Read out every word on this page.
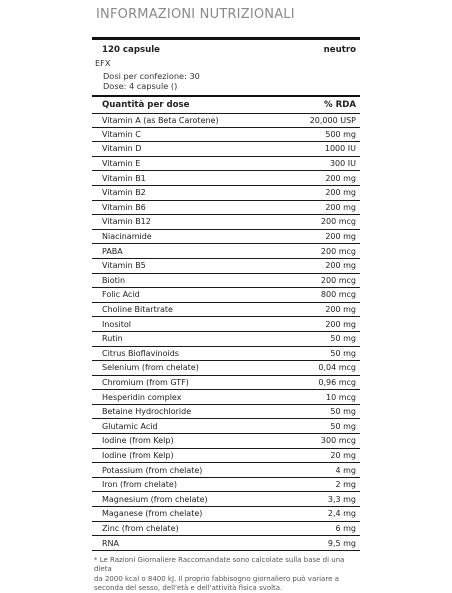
INFORMAZIONI NUTRIZIONALI
120 capsule	neutro
EFX
Dosi per confezione: 30
Dose: 4 capsule ()
Quantità per dose	% RDA
Vitamin A (as Beta Carotene)	20,000 USP
Vitamin C	500 mg
Vitamin D	1000 IU
Vitamin E	300 IU
Vitamin B1	200 mg
Vitamin B2	200 mg
Vitamin B6	200 mg
Vitamin B12	200 mcg
Niacinamide	200 mg
PABA	200 mcg
Vitamin B5	200 mg
Biotin	200 mcg
Folic Acid	800 mcg
Choline Bitartrate	200 mg
Inositol	200 mg
Rutin	50 mg
Citrus Bioflavinoids	50 mg
Selenium (from chelate)	0,04 mcg
Chromium (from GTF)	0,96 mcg
Hesperidin complex	10 mcg
Betaine Hydrochloride	50 mg
Glutamic Acid	50 mg
Iodine (from Kelp)	300 mcg
Iodine (from Kelp)	20 mg
Potassium (from chelate)	4 mg
Iron (from chelate)	2 mg
Magnesium (from chelate)	3,3 mg
Maganese (from chelate)	2,4 mg
Zinc (from chelate)	6 mg
RNA	9,5 mg
* Le Razioni Giornaliere Raccomandate sono calcolate sulla base di una dieta
da 2000 kcal o 8400 kJ. Il proprio fabbisogno giornaliero può variare a
seconda del sesso, dell'età e dell'attività fisica svolta.
